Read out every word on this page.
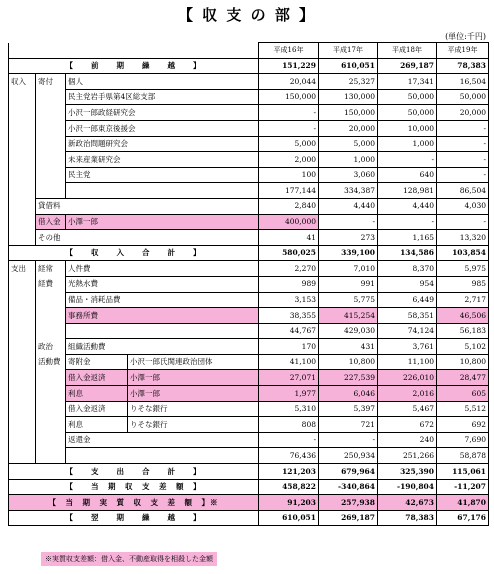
【 収 支 の 部 】
(単位:千円)
				平成16年	平成17年	平成18年	平成19年
【　　前　　期　　繰　　越　　】				151,229	610,051	269,187	78,383
収入	寄付	個人		20,044	25,327	17,341	16,504
		民主党岩手県第4区総支部		150,000	130,000	50,000	50,000
		小沢一郎政経研究会		-	150,000	50,000	20,000
		小沢一郎東京後援会		-	20,000	10,000	-
		新政治問題研究会		5,000	5,000	1,000	-
		未来産業研究会		2,000	1,000	-	-
		民主党		100	3,060	640	-
				177,144	334,387	128,981	86,504
	貸借料			2,840	4,440	4,440	4,030
	借入金	小澤一郎		400,000	-	-	-
	その他			41	273	1,165	13,320
【　　収　　入　　合　　計　　】				580,025	339,100	134,586	103,854
支出	経常	人件費		2,270	7,010	8,370	5,975
	経費	光熱水費		989	991	954	985
		備品・消耗品費		3,153	5,775	6,449	2,717
		事務所費		38,355	415,254	58,351	46,506
				44,767	429,030	74,124	56,183
	政治	組織活動費		170	431	3,761	5,102
	活動費	寄附金	小沢一郎氏関連政治団体	41,100	10,800	11,100	10,800
		借入金返済	小澤一郎	27,071	227,539	226,010	28,477
		利息	小澤一郎	1,977	6,046	2,016	605
		借入金返済	りそな銀行	5,310	5,397	5,467	5,512
		利息	りそな銀行	808	721	672	692
		返還金		-	-	240	7,690
				76,436	250,934	251,266	58,878
【　　支　　出　　合　　計　　】				121,203	679,964	325,390	115,061
【　　当　期　収　支　差　額　】				458,822	-340,864	-190,804	-11,207
【　当　期　実　質　収　支　差　額　】※				91,203	257,938	42,673	41,870
【　　翌　　期　　繰　　越　　】				610,051	269,187	78,383	67,176
※実質収支差額：借入金、不動産取得を相殺した金額
